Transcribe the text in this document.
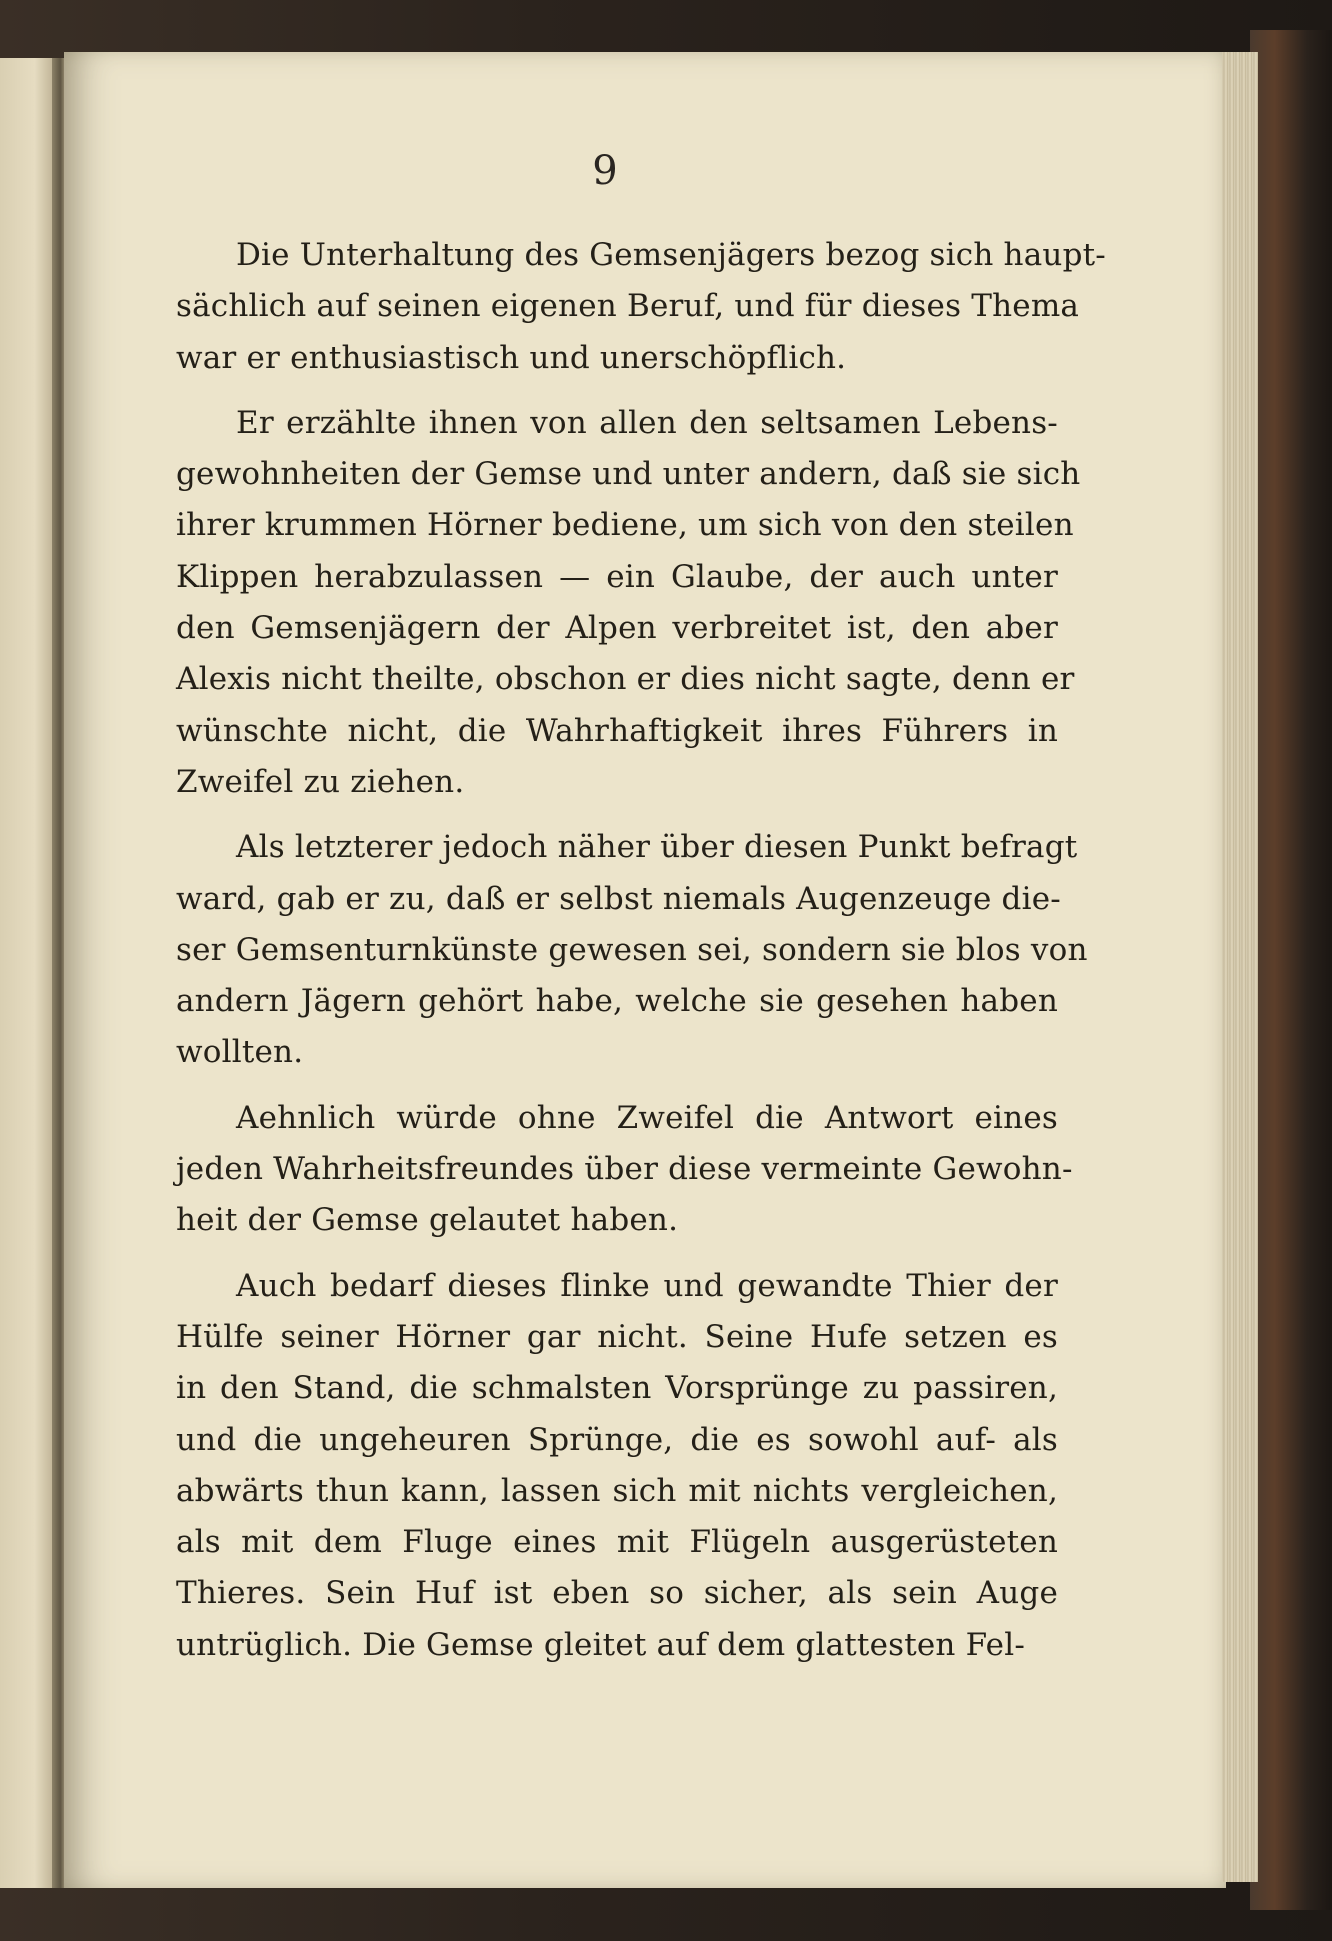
9
Die Unterhaltung des Gemsenjägers bezog sich haupt-
sächlich auf seinen eigenen Beruf, und für dieses Thema
war er enthusiastisch und unerschöpflich.
Er erzählte ihnen von allen den seltsamen Lebens-
gewohnheiten der Gemse und unter andern, daß sie sich
ihrer krummen Hörner bediene, um sich von den steilen
Klippen herabzulassen — ein Glaube, der auch unter
den Gemsenjägern der Alpen verbreitet ist, den aber
Alexis nicht theilte, obschon er dies nicht sagte, denn er
wünschte nicht, die Wahrhaftigkeit ihres Führers in
Zweifel zu ziehen.
Als letzterer jedoch näher über diesen Punkt befragt
ward, gab er zu, daß er selbst niemals Augenzeuge die-
ser Gemsenturnkünste gewesen sei, sondern sie blos von
andern Jägern gehört habe, welche sie gesehen haben
wollten.
Aehnlich würde ohne Zweifel die Antwort eines
jeden Wahrheitsfreundes über diese vermeinte Gewohn-
heit der Gemse gelautet haben.
Auch bedarf dieses flinke und gewandte Thier der
Hülfe seiner Hörner gar nicht. Seine Hufe setzen es
in den Stand, die schmalsten Vorsprünge zu passiren,
und die ungeheuren Sprünge, die es sowohl auf- als
abwärts thun kann, lassen sich mit nichts vergleichen,
als mit dem Fluge eines mit Flügeln ausgerüsteten
Thieres. Sein Huf ist eben so sicher, als sein Auge
untrüglich. Die Gemse gleitet auf dem glattesten Fel-
